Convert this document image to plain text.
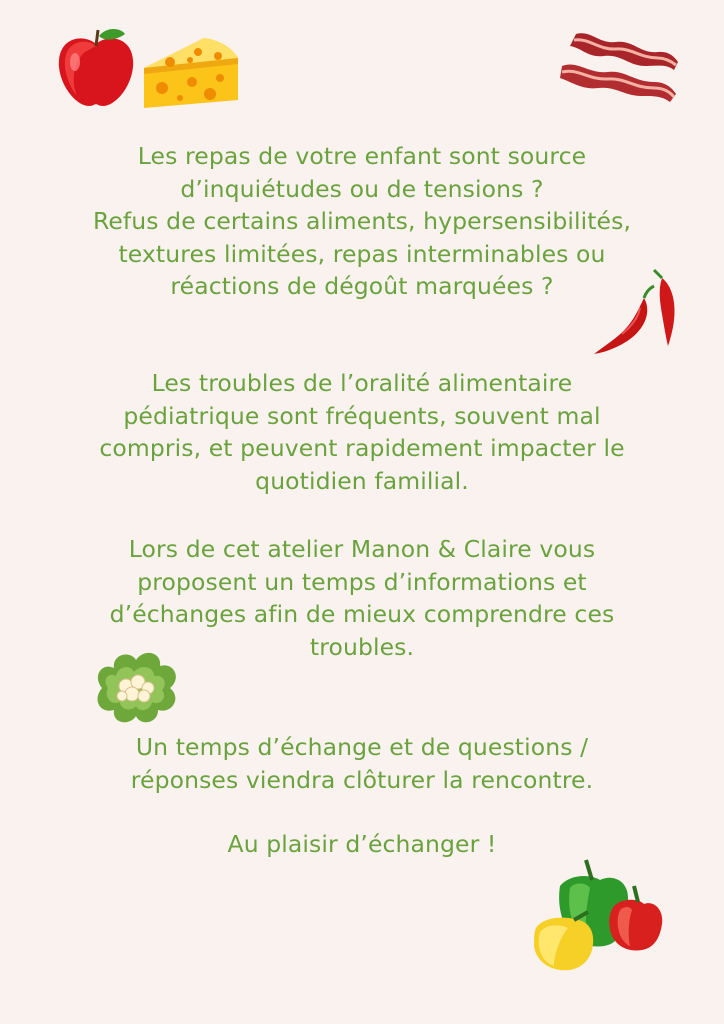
Les repas de votre enfant sont source
d’inquiétudes ou de tensions ?
Refus de certains aliments, hypersensibilités,
textures limitées, repas interminables ou
réactions de dégoût marquées ?

Les troubles de l’oralité alimentaire
pédiatrique sont fréquents, souvent mal
compris, et peuvent rapidement impacter le
quotidien familial.

Lors de cet atelier Manon & Claire vous
proposent un temps d’informations et
d’échanges afin de mieux comprendre ces
troubles.

Un temps d’échange et de questions /
réponses viendra clôturer la rencontre.

Au plaisir d’échanger !
